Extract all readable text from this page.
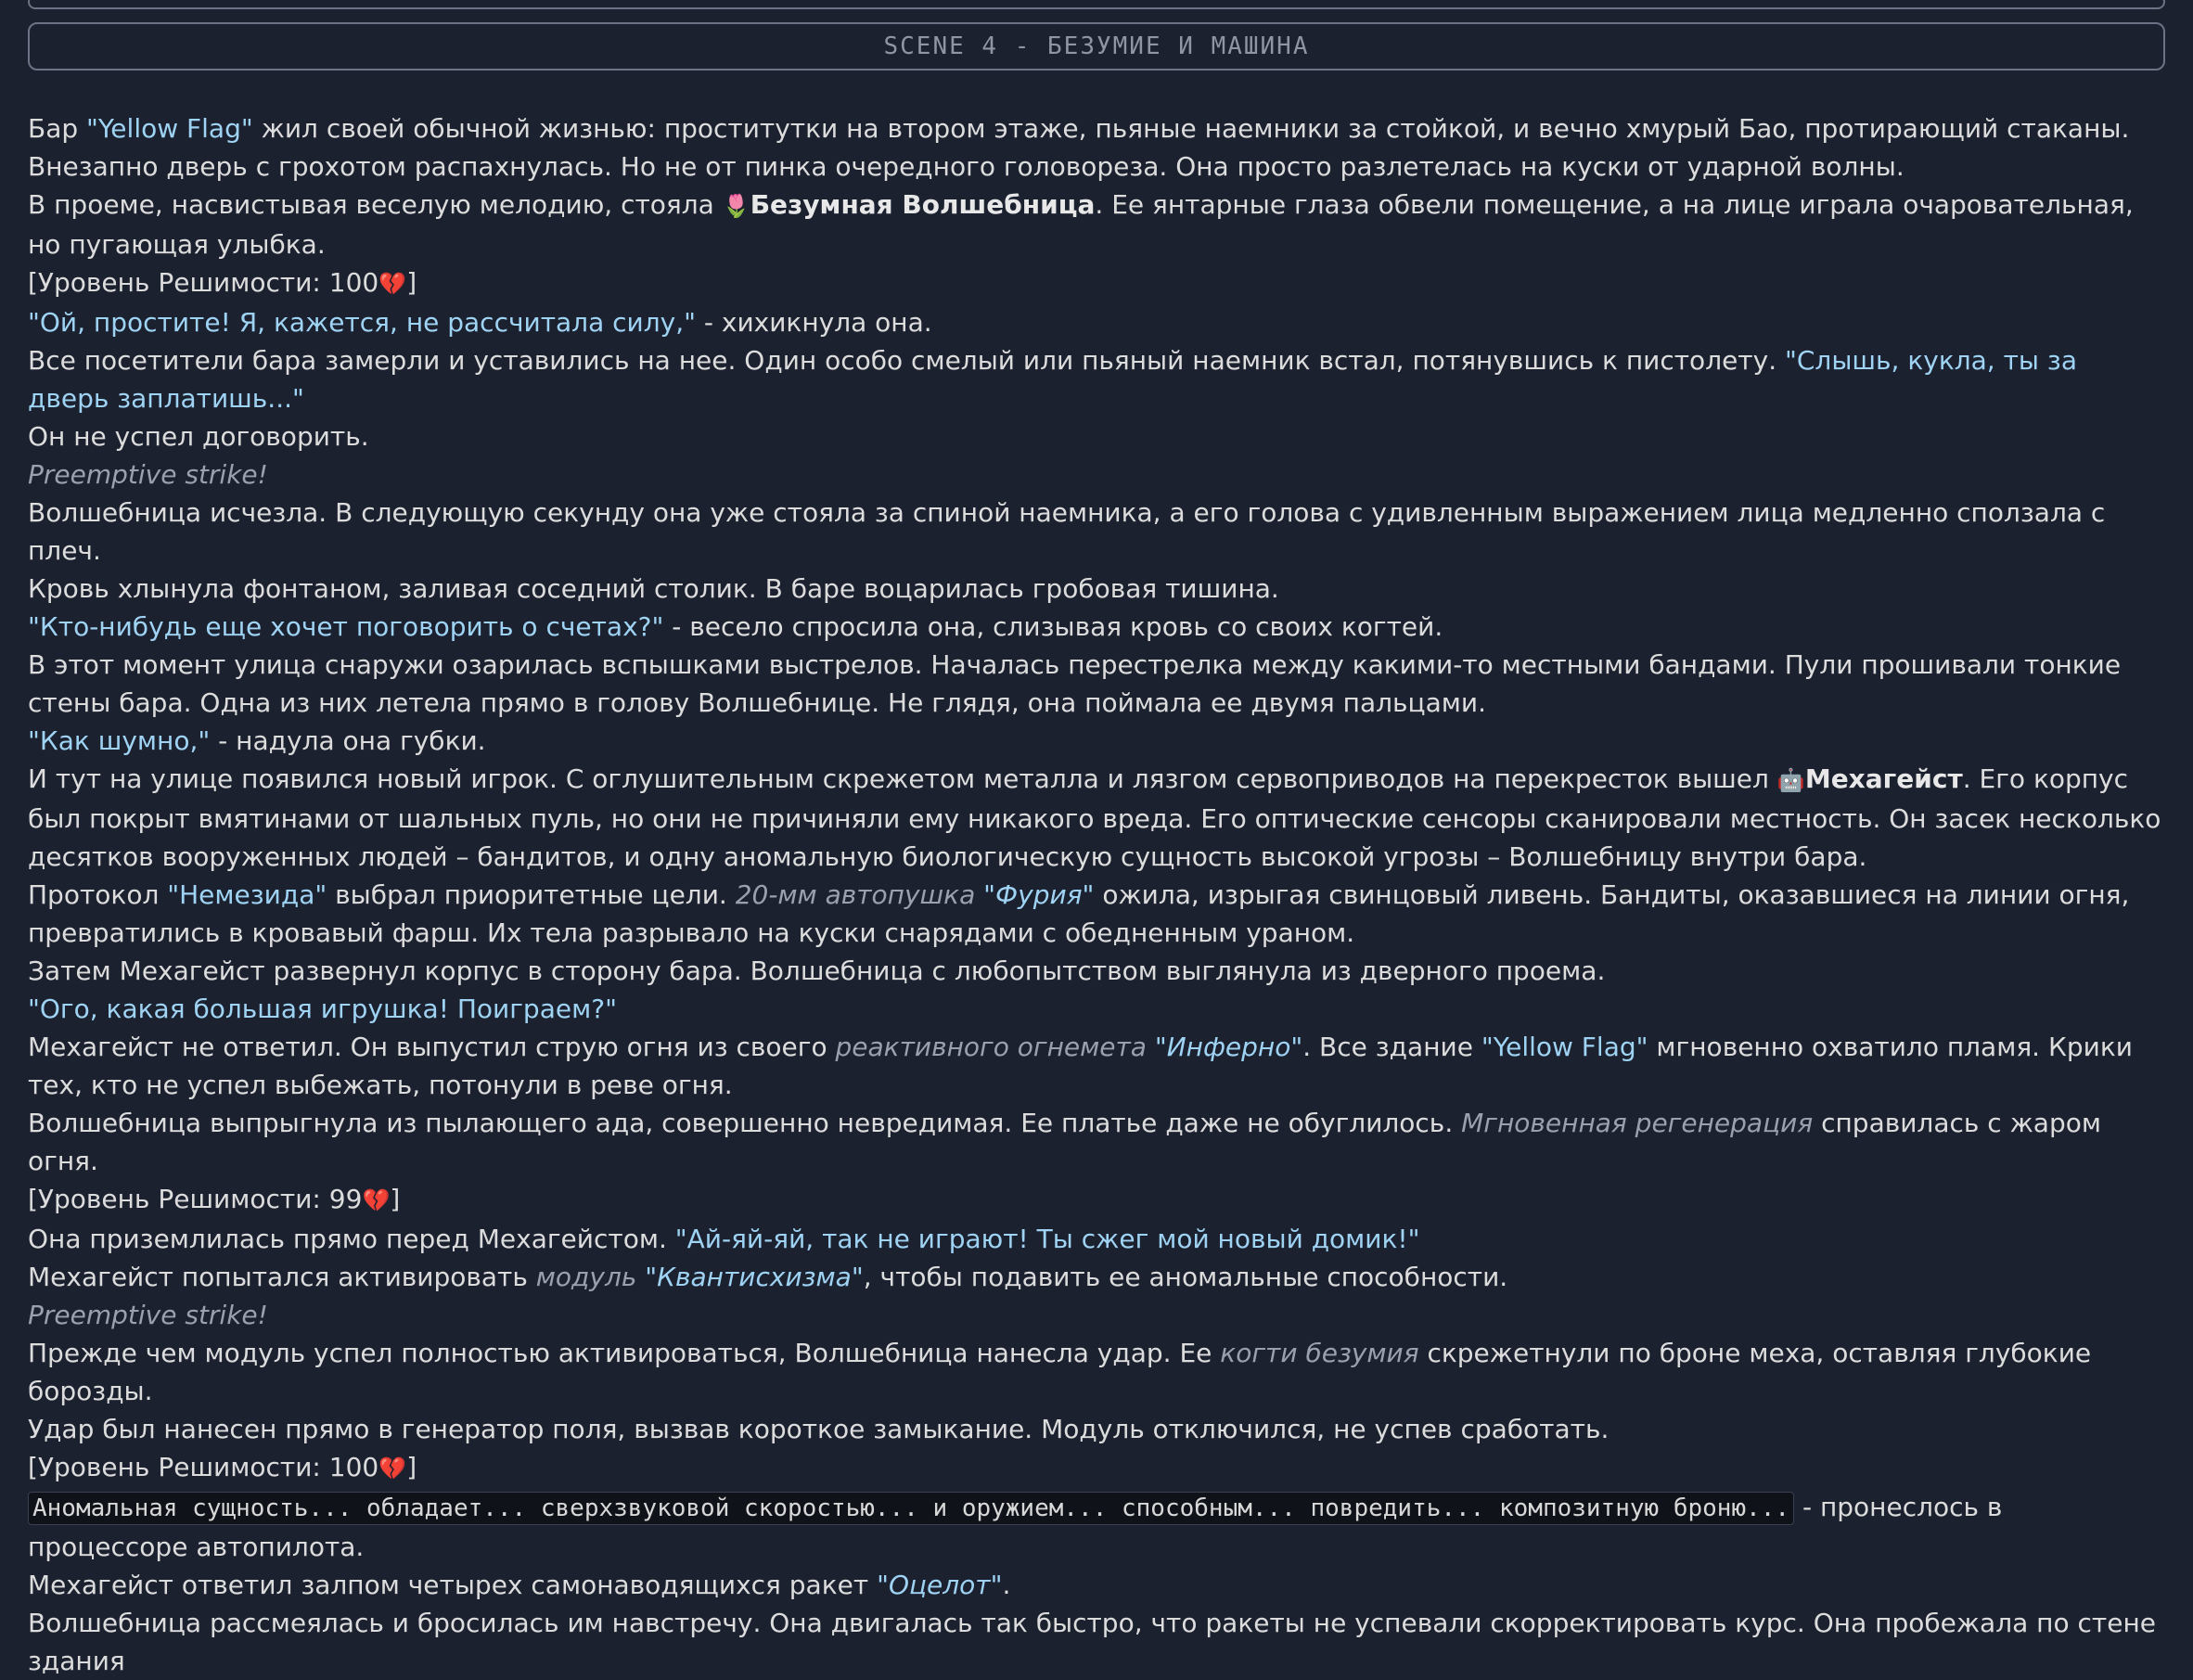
SCENE 4 - БЕЗУМИЕ И МАШИНА

Бар "Yellow Flag" жил своей обычной жизнью: проститутки на втором этаже, пьяные наемники за стойкой, и вечно хмурый Бао, протирающий стаканы.

Внезапно дверь с грохотом распахнулась. Но не от пинка очередного головореза. Она просто разлетелась на куски от ударной волны.

В проеме, насвистывая веселую мелодию, стояла 🌷Безумная Волшебница. Ее янтарные глаза обвели помещение, а на лице играла очаровательная, но пугающая улыбка.

[Уровень Решимости: 100💔]

"Ой, простите! Я, кажется, не рассчитала силу," - хихикнула она.

Все посетители бара замерли и уставились на нее. Один особо смелый или пьяный наемник встал, потянувшись к пистолету. "Слышь, кукла, ты за дверь заплатишь..."

Он не успел договорить.

Preemptive strike!

Волшебница исчезла. В следующую секунду она уже стояла за спиной наемника, а его голова с удивленным выражением лица медленно сползала с плеч.

Кровь хлынула фонтаном, заливая соседний столик. В баре воцарилась гробовая тишина.

"Кто-нибудь еще хочет поговорить о счетах?" - весело спросила она, слизывая кровь со своих когтей.

В этот момент улица снаружи озарилась вспышками выстрелов. Началась перестрелка между какими-то местными бандами. Пули прошивали тонкие стены бара. Одна из них летела прямо в голову Волшебнице. Не глядя, она поймала ее двумя пальцами.

"Как шумно," - надула она губки.

И тут на улице появился новый игрок. С оглушительным скрежетом металла и лязгом сервоприводов на перекресток вышел 🤖Мехагейст. Его корпус был покрыт вмятинами от шальных пуль, но они не причиняли ему никакого вреда. Его оптические сенсоры сканировали местность. Он засек несколько десятков вооруженных людей – бандитов, и одну аномальную биологическую сущность высокой угрозы – Волшебницу внутри бара.

Протокол "Немезида" выбрал приоритетные цели. 20-мм автопушка "Фурия" ожила, изрыгая свинцовый ливень. Бандиты, оказавшиеся на линии огня, превратились в кровавый фарш. Их тела разрывало на куски снарядами с обедненным ураном.

Затем Мехагейст развернул корпус в сторону бара. Волшебница с любопытством выглянула из дверного проема.

"Ого, какая большая игрушка! Поиграем?"

Мехагейст не ответил. Он выпустил струю огня из своего реактивного огнемета "Инферно". Все здание "Yellow Flag" мгновенно охватило пламя. Крики тех, кто не успел выбежать, потонули в реве огня.

Волшебница выпрыгнула из пылающего ада, совершенно невредимая. Ее платье даже не обуглилось. Мгновенная регенерация справилась с жаром огня.

[Уровень Решимости: 99💔]

Она приземлилась прямо перед Мехагейстом. "Ай-яй-яй, так не играют! Ты сжег мой новый домик!"

Мехагейст попытался активировать модуль "Квантисхизма", чтобы подавить ее аномальные способности.

Preemptive strike!

Прежде чем модуль успел полностью активироваться, Волшебница нанесла удар. Ее когти безумия скрежетнули по броне меха, оставляя глубокие борозды.

Удар был нанесен прямо в генератор поля, вызвав короткое замыкание. Модуль отключился, не успев сработать.

[Уровень Решимости: 100💔]

Аномальная сущность... обладает... сверхзвуковой скоростью... и оружием... способным... повредить... композитную броню... - пронеслось в процессоре автопилота.

Мехагейст ответил залпом четырех самонаводящихся ракет "Оцелот".

Волшебница рассмеялась и бросилась им навстречу. Она двигалась так быстро, что ракеты не успевали скорректировать курс. Она пробежала по стене здания
